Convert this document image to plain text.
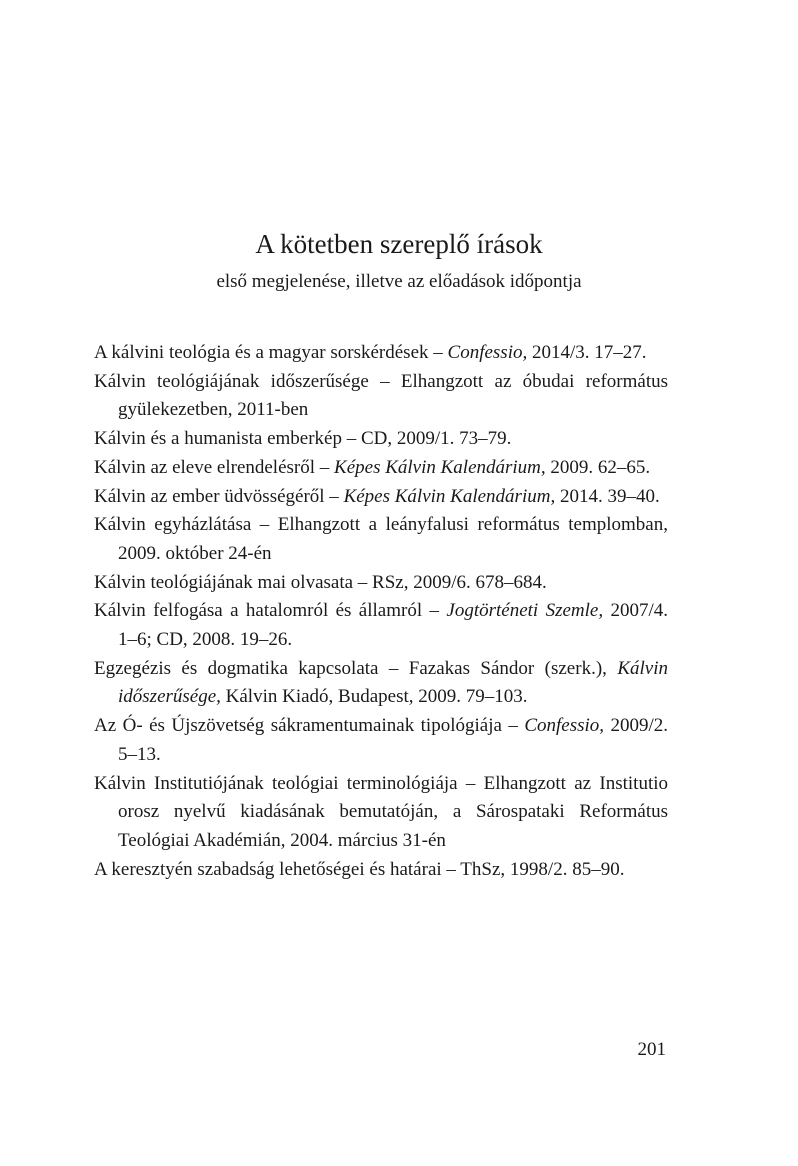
A kötetben szereplő írások
első megjelenése, illetve az előadások időpontja
A kálvini teológia és a magyar sorskérdések – Confessio, 2014/3. 17–27.
Kálvin teológiájának időszerűsége – Elhangzott az óbudai református gyülekezetben, 2011-ben
Kálvin és a humanista emberkép – CD, 2009/1. 73–79.
Kálvin az eleve elrendelésről – Képes Kálvin Kalendárium, 2009. 62–65.
Kálvin az ember üdvösségéről – Képes Kálvin Kalendárium, 2014. 39–40.
Kálvin egyházlátása – Elhangzott a leányfalusi református templomban, 2009. október 24-én
Kálvin teológiájának mai olvasata – RSz, 2009/6. 678–684.
Kálvin felfogása a hatalomról és államról – Jogtörténeti Szemle, 2007/4. 1–6; CD, 2008. 19–26.
Egzegézis és dogmatika kapcsolata – Fazakas Sándor (szerk.), Kálvin időszerűsége, Kálvin Kiadó, Budapest, 2009. 79–103.
Az Ó- és Újszövetség sákramentumainak tipológiája – Confessio, 2009/2. 5–13.
Kálvin Institutiójának teológiai terminológiája – Elhangzott az Institutio orosz nyelvű kiadásának bemutatóján, a Sárospataki Református Teológiai Akadémián, 2004. március 31-én
A keresztyén szabadság lehetőségei és határai – ThSz, 1998/2. 85–90.
201
